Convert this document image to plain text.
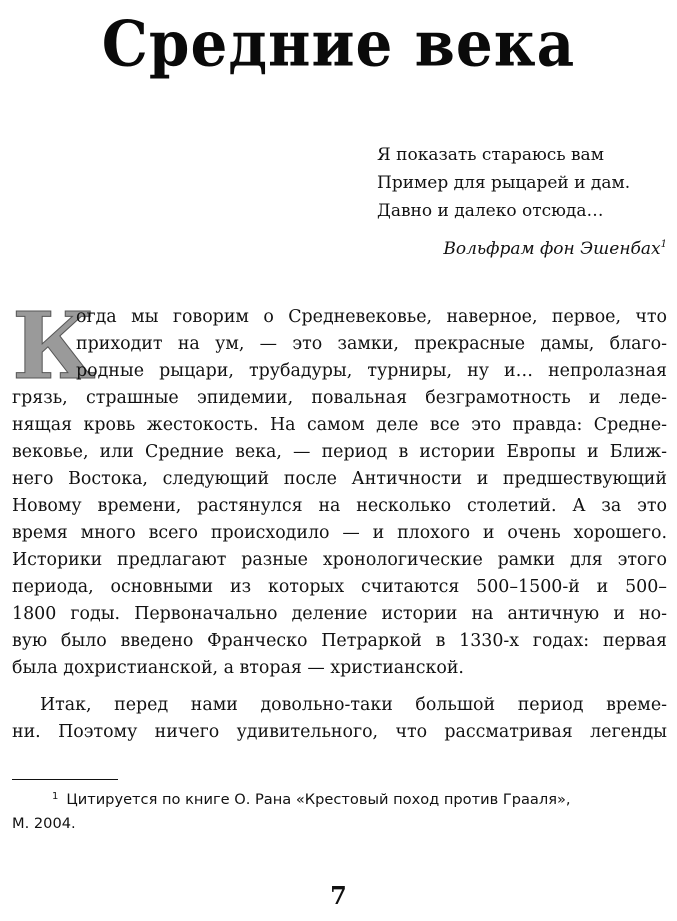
Средние века
Я показать стараюсь вам
Пример для рыцарей и дам.
Давно и далеко отсюда…
Вольфрам фон Эшенбах$^1$
К
огда мы говорим о Средневековье, наверное, первое, что
приходит на ум, — это замки, прекрасные дамы, благо-
родные рыцари, трубадуры, турниры, ну и… непролазная
грязь, страшные эпидемии, повальная безграмотность и леде-
нящая кровь жестокость. На самом деле все это правда: Средне-
вековье, или Средние века, — период в истории Европы и Ближ-
него Востока, следующий после Античности и предшествующий
Новому времени, растянулся на несколько столетий. А за это
время много всего происходило — и плохого и очень хорошего.
Историки предлагают разные хронологические рамки для этого
периода, основными из которых считаются 500–1500-й и 500–
1800 годы. Первоначально деление истории на античную и но-
вую было введено Франческо Петраркой в 1330-х годах: первая
была дохристианской, а вторая — христианской.
Итак, перед нами довольно-таки большой период време-
ни. Поэтому ничего удивительного, что рассматривая легенды
$^1$ Цитируется по книге О. Рана «Крестовый поход против Грааля»,
М. 2004.
7
